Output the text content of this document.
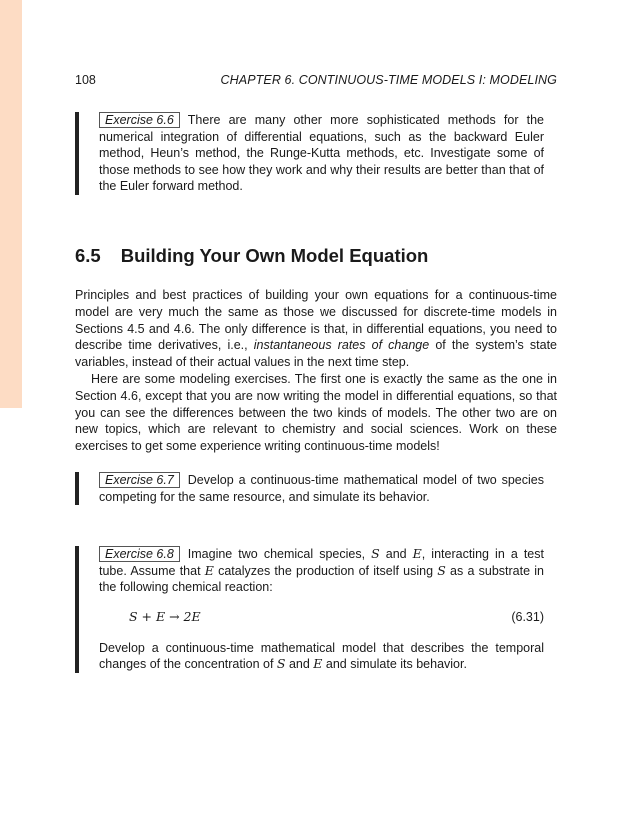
108	CHAPTER 6. CONTINUOUS-TIME MODELS I: MODELING
Exercise 6.6 There are many other more sophisticated methods for the numerical integration of differential equations, such as the backward Euler method, Heun’s method, the Runge-Kutta methods, etc. Investigate some of those methods to see how they work and why their results are better than that of the Euler forward method.
6.5 Building Your Own Model Equation

Principles and best practices of building your own equations for a continuous-time model are very much the same as those we discussed for discrete-time models in Sections 4.5 and 4.6. The only difference is that, in differential equations, you need to describe time derivatives, i.e., instantaneous rates of change of the system’s state variables, instead of their actual values in the next time step.

Here are some modeling exercises. The first one is exactly the same as the one in Section 4.6, except that you are now writing the model in differential equations, so that you can see the differences between the two kinds of models. The other two are on new topics, which are relevant to chemistry and social sciences. Work on these exercises to get some experience writing continuous-time models!

Exercise 6.7 Develop a continuous-time mathematical model of two species competing for the same resource, and simulate its behavior.
Exercise 6.8 Imagine two chemical species, S and E, interacting in a test tube. Assume that E catalyzes the production of itself using S as a substrate in the following chemical reaction:
S + E → 2E	(6.31)
Develop a continuous-time mathematical model that describes the temporal changes of the concentration of S and E and simulate its behavior.
